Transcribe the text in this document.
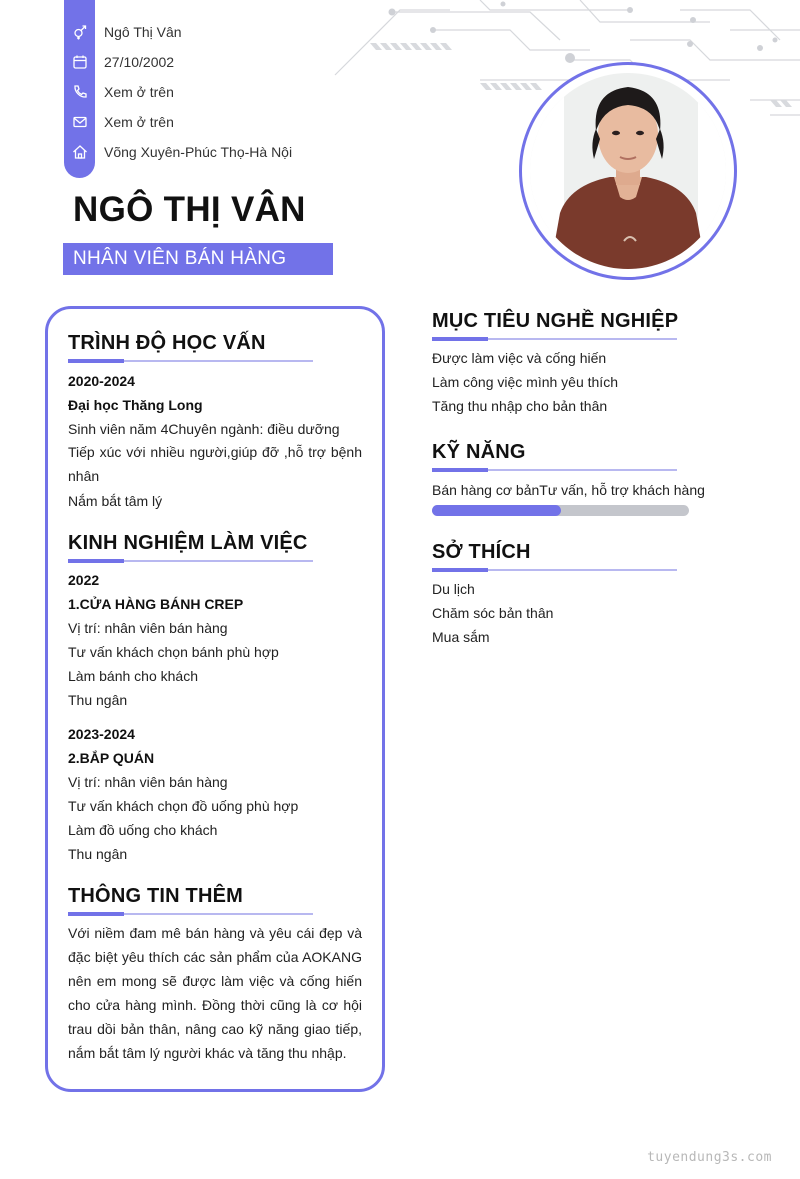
Ngô Thị Vân
27/10/2002
Xem ở trên
Xem ở trên
Võng Xuyên-Phúc Thọ-Hà Nội
NGÔ THỊ VÂN
NHÂN VIÊN BÁN HÀNG
TRÌNH ĐỘ HỌC VẤN
2020-2024
Đại học Thăng Long
Sinh viên năm 4Chuyên ngành: điều dưỡng
Tiếp xúc với nhiều người,giúp đỡ ,hỗ trợ bệnh nhân
Nắm bắt tâm lý
KINH NGHIỆM LÀM VIỆC
2022
1.CỬA HÀNG BÁNH CREP
Vị trí: nhân viên bán hàng
Tư vấn khách chọn bánh phù hợp
Làm bánh cho khách
Thu ngân
2023-2024
2.BẮP QUÁN
Vị trí: nhân viên bán hàng
Tư vấn khách chọn đồ uống phù hợp
Làm đồ uống cho khách
Thu ngân
THÔNG TIN THÊM
Với niềm đam mê bán hàng và yêu cái đẹp và đặc biệt yêu thích các sản phẩm của AOKANG nên em mong sẽ được làm việc và cống hiến cho cửa hàng mình. Đồng thời cũng là cơ hội trau dồi bản thân, nâng cao kỹ năng giao tiếp, nắm bắt tâm lý người khác và tăng thu nhập.
MỤC TIÊU NGHỀ NGHIỆP
Được làm việc và cống hiến
Làm công việc mình yêu thích
Tăng thu nhập cho bản thân
KỸ NĂNG
Bán hàng cơ bảnTư vấn, hỗ trợ khách hàng
SỞ THÍCH
Du lịch
Chăm sóc bản thân
Mua sắm
tuyendung3s.com
